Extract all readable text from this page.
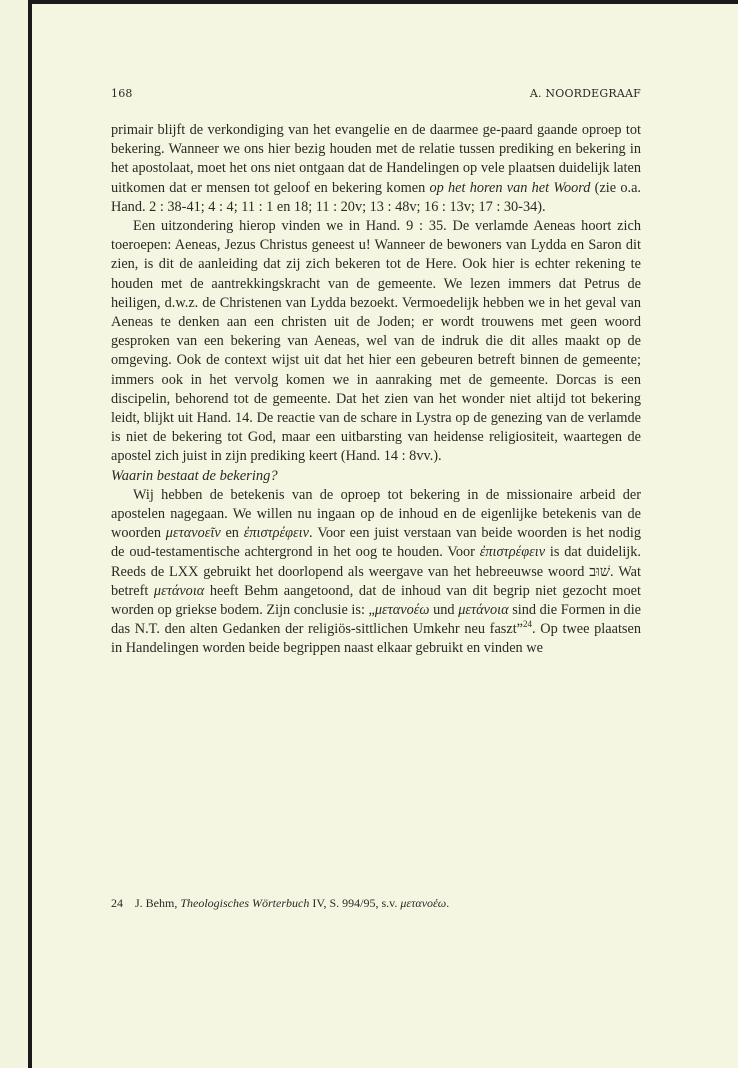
168	A. NOORDEGRAAF

primair blijft de verkondiging van het evangelie en de daarmee ge-paard gaande oproep tot bekering. Wanneer we ons hier bezig houden met de relatie tussen prediking en bekering in het apostolaat, moet het ons niet ontgaan dat de Handelingen op vele plaatsen duidelijk laten uitkomen dat er mensen tot geloof en bekering komen op het horen van het Woord (zie o.a. Hand. 2 : 38-41; 4 : 4; 11 : 1 en 18; 11 : 20v; 13 : 48v; 16 : 13v; 17 : 30-34).

Een uitzondering hierop vinden we in Hand. 9 : 35. De verlamde Aeneas hoort zich toeroepen: Aeneas, Jezus Christus geneest u! Wanneer de bewoners van Lydda en Saron dit zien, is dit de aanleiding dat zij zich bekeren tot de Here. Ook hier is echter rekening te houden met de aantrekkingskracht van de gemeente. We lezen immers dat Petrus de heiligen, d.w.z. de Christenen van Lydda bezoekt. Vermoedelijk hebben we in het geval van Aeneas te denken aan een christen uit de Joden; er wordt trouwens met geen woord gesproken van een bekering van Aeneas, wel van de indruk die dit alles maakt op de omgeving. Ook de context wijst uit dat het hier een gebeuren betreft binnen de gemeente; immers ook in het vervolg komen we in aanraking met de gemeente. Dorcas is een discipelin, behorend tot de gemeente. Dat het zien van het wonder niet altijd tot bekering leidt, blijkt uit Hand. 14. De reactie van de schare in Lystra op de genezing van de verlamde is niet de bekering tot God, maar een uitbarsting van heidense religiositeit, waartegen de apostel zich juist in zijn prediking keert (Hand. 14 : 8vv.).

Waarin bestaat de bekering?

Wij hebben de betekenis van de oproep tot bekering in de missionaire arbeid der apostelen nagegaan. We willen nu ingaan op de inhoud en de eigenlijke betekenis van de woorden μετανοεῖν en ἐπιστρέφειν. Voor een juist verstaan van beide woorden is het nodig de oud-testamentische achtergrond in het oog te houden. Voor ἐπιστρέφειν is dat duidelijk. Reeds de LXX gebruikt het doorlopend als weergave van het hebreeuwse woord שׁוּב. Wat betreft μετάνοια heeft Behm aangetoond, dat de inhoud van dit begrip niet gezocht moet worden op griekse bodem. Zijn conclusie is: „μετανοέω und μετάνοια sind die Formen in die das N.T. den alten Gedanken der religiös-sittlichen Umkehr neu faszt”$^{24}$. Op twee plaatsen in Handelingen worden beide begrippen naast elkaar gebruikt en vinden we

24 J. Behm, Theologisches Wörterbuch IV, S. 994/95, s.v. μετανοέω.
